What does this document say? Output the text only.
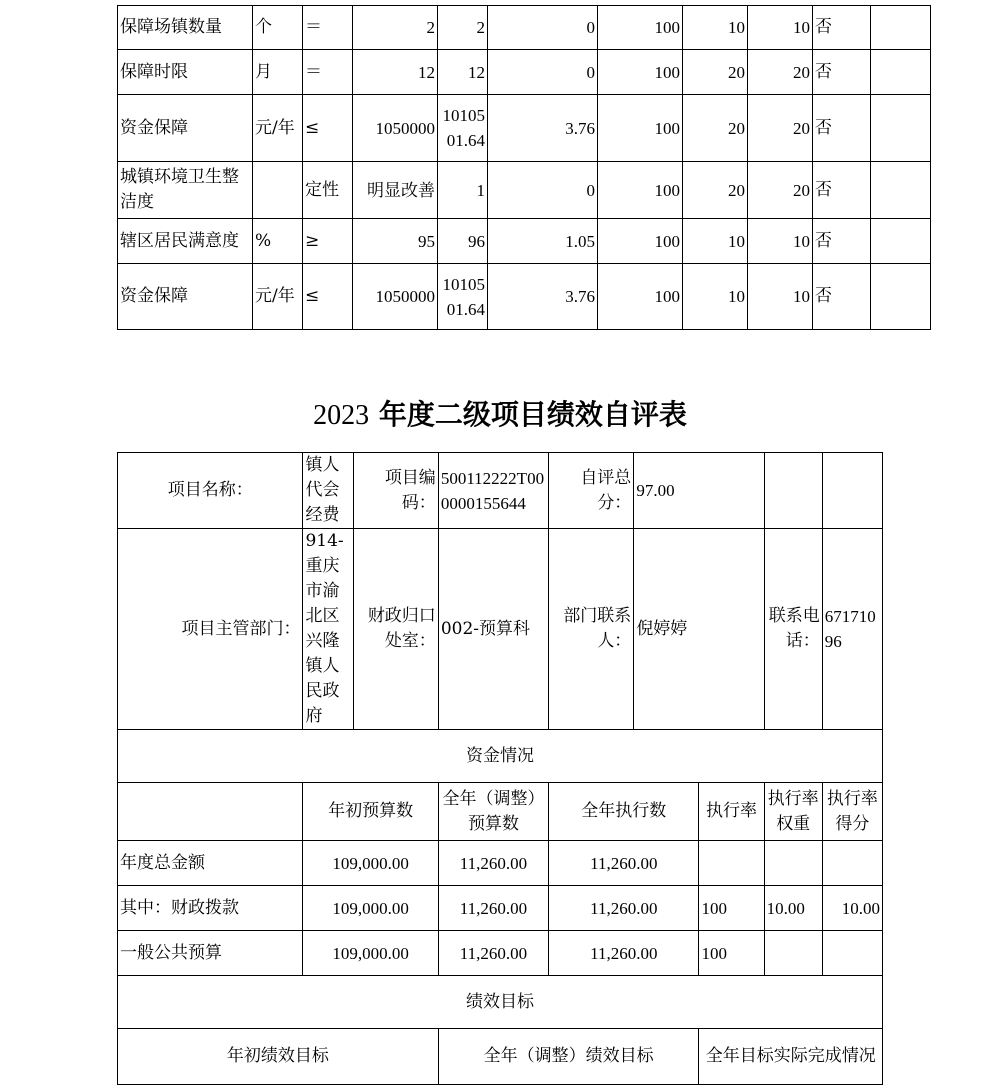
保障场镇数量	个	＝	2	2	0	100	10	10	否	
保障时限	月	＝	12	12	0	100	20	20	否	
资金保障	元/年	≤	1050000	1010501.64	3.76	100	20	20	否	
城镇环境卫生整洁度		定性	明显改善	1	0	100	20	20	否	
辖区居民满意度	%	≥	95	96	1.05	100	10	10	否	
资金保障	元/年	≤	1050000	1010501.64	3.76	100	10	10	否	
2023 年度二级项目绩效自评表
项目名称：	镇人代会经费	项目编码：	500112222T000000155644	自评总分：	97.00			
项目主管部门：	914-重庆市渝北区兴隆镇人民政府	财政归口处室：	002-预算科	部门联系人：	倪婷婷		联系电话：	67171096
资金情况								
	年初预算数		全年（调整）预算数	全年执行数		执行率	执行率权重	执行率得分
年度总金额	109,000.00		11,260.00	11,260.00				
其中：财政拨款	109,000.00		11,260.00	11,260.00		100	10.00	10.00
一般公共预算	109,000.00		11,260.00	11,260.00		100		
绩效目标								
年初绩效目标			全年（调整）绩效目标			全年目标实际完成情况		
